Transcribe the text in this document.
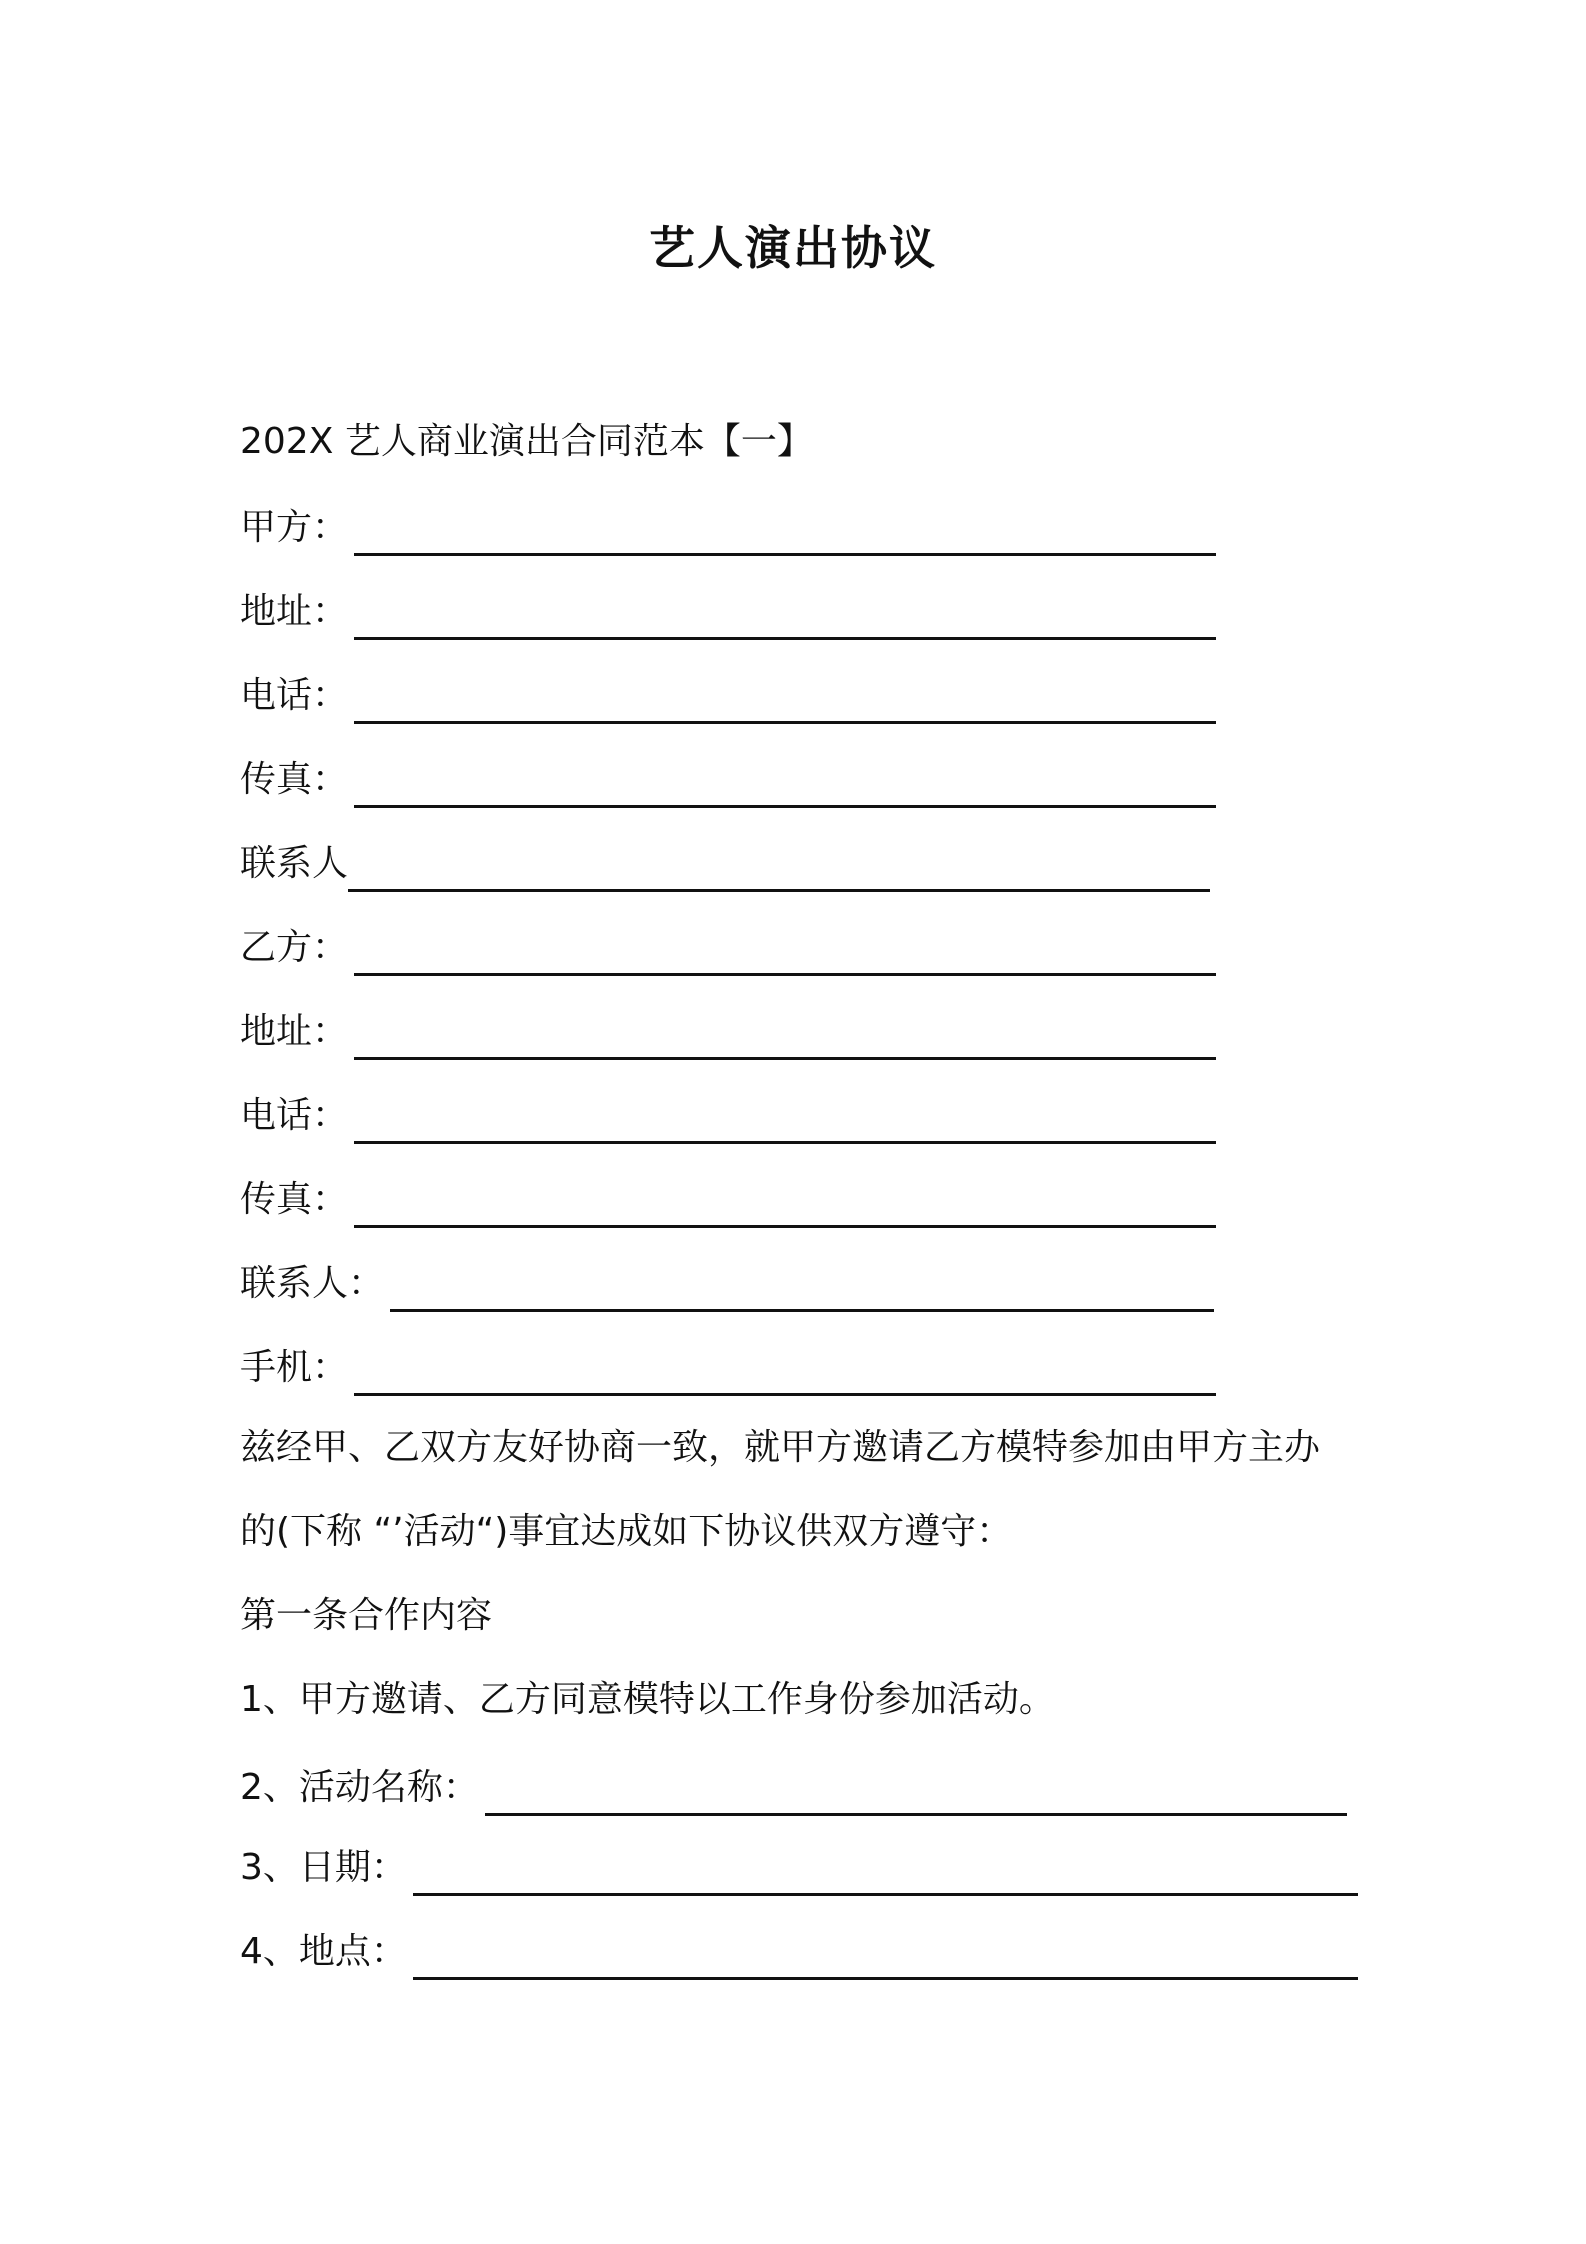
艺人演出协议
202X 艺人商业演出合同范本【一】
甲方：
地址：
电话：
传真：
联系人
乙方：
地址：
电话：
传真：
联系人：
手机：
兹经甲、乙双方友好协商一致，就甲方邀请乙方模特参加由甲方主办
的(下称 “’活动“)事宜达成如下协议供双方遵守：
第一条合作内容
1、甲方邀请、乙方同意模特以工作身份参加活动。
2、活动名称：
3、日期：
4、地点：
